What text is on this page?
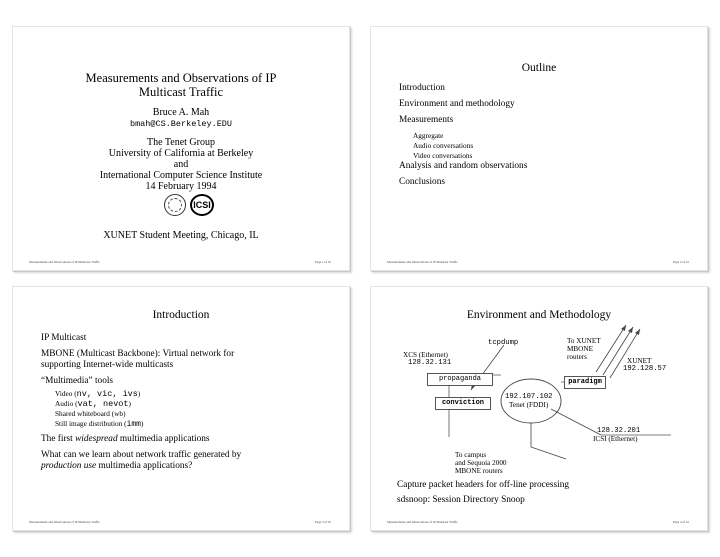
Measurements and Observations of IP
Multicast Traffic
Bruce A. Mah
bmah@CS.Berkeley.EDU
The Tenet Group
University of California at Berkeley
and
International Computer Science Institute
14 February 1994
ICSI
XUNET Student Meeting, Chicago, IL
Measurements and Observations of IP Multicast Traffic	Page 1 of 16
Outline
Introduction
Environment and methodology
Measurements
Aggregate
Audio conversations
Video conversations
Analysis and random observations
Conclusions
Measurements and Observations of IP Multicast Traffic	Page 2 of 16
Introduction
IP Multicast
MBONE (Multicast Backbone): Virtual network for
supporting Internet-wide multicasts
“Multimedia” tools
Video (nv, vic, ivs)
Audio (vat, nevot)
Shared whiteboard (wb)
Still image distribution (imm)
The first widespread multimedia applications
What can we learn about network traffic generated by
production use multimedia applications?
Measurements and Observations of IP Multicast Traffic	Page 3 of 16
Environment and Methodology
tcpdump	To XUNET
MBONE
routers
XCS (Ethernet)
128.32.131	XUNET
192.128.57
propaganda	paradigm
192.107.102
Tenet (FDDI)
conviction
To campus
and Sequoia 2000
MBONE routers
128.32.201
ICSI (Ethernet)
Capture packet headers for off-line processing
sdsnoop: Session Directory Snoop
Measurements and Observations of IP Multicast Traffic	Page 4 of 16
